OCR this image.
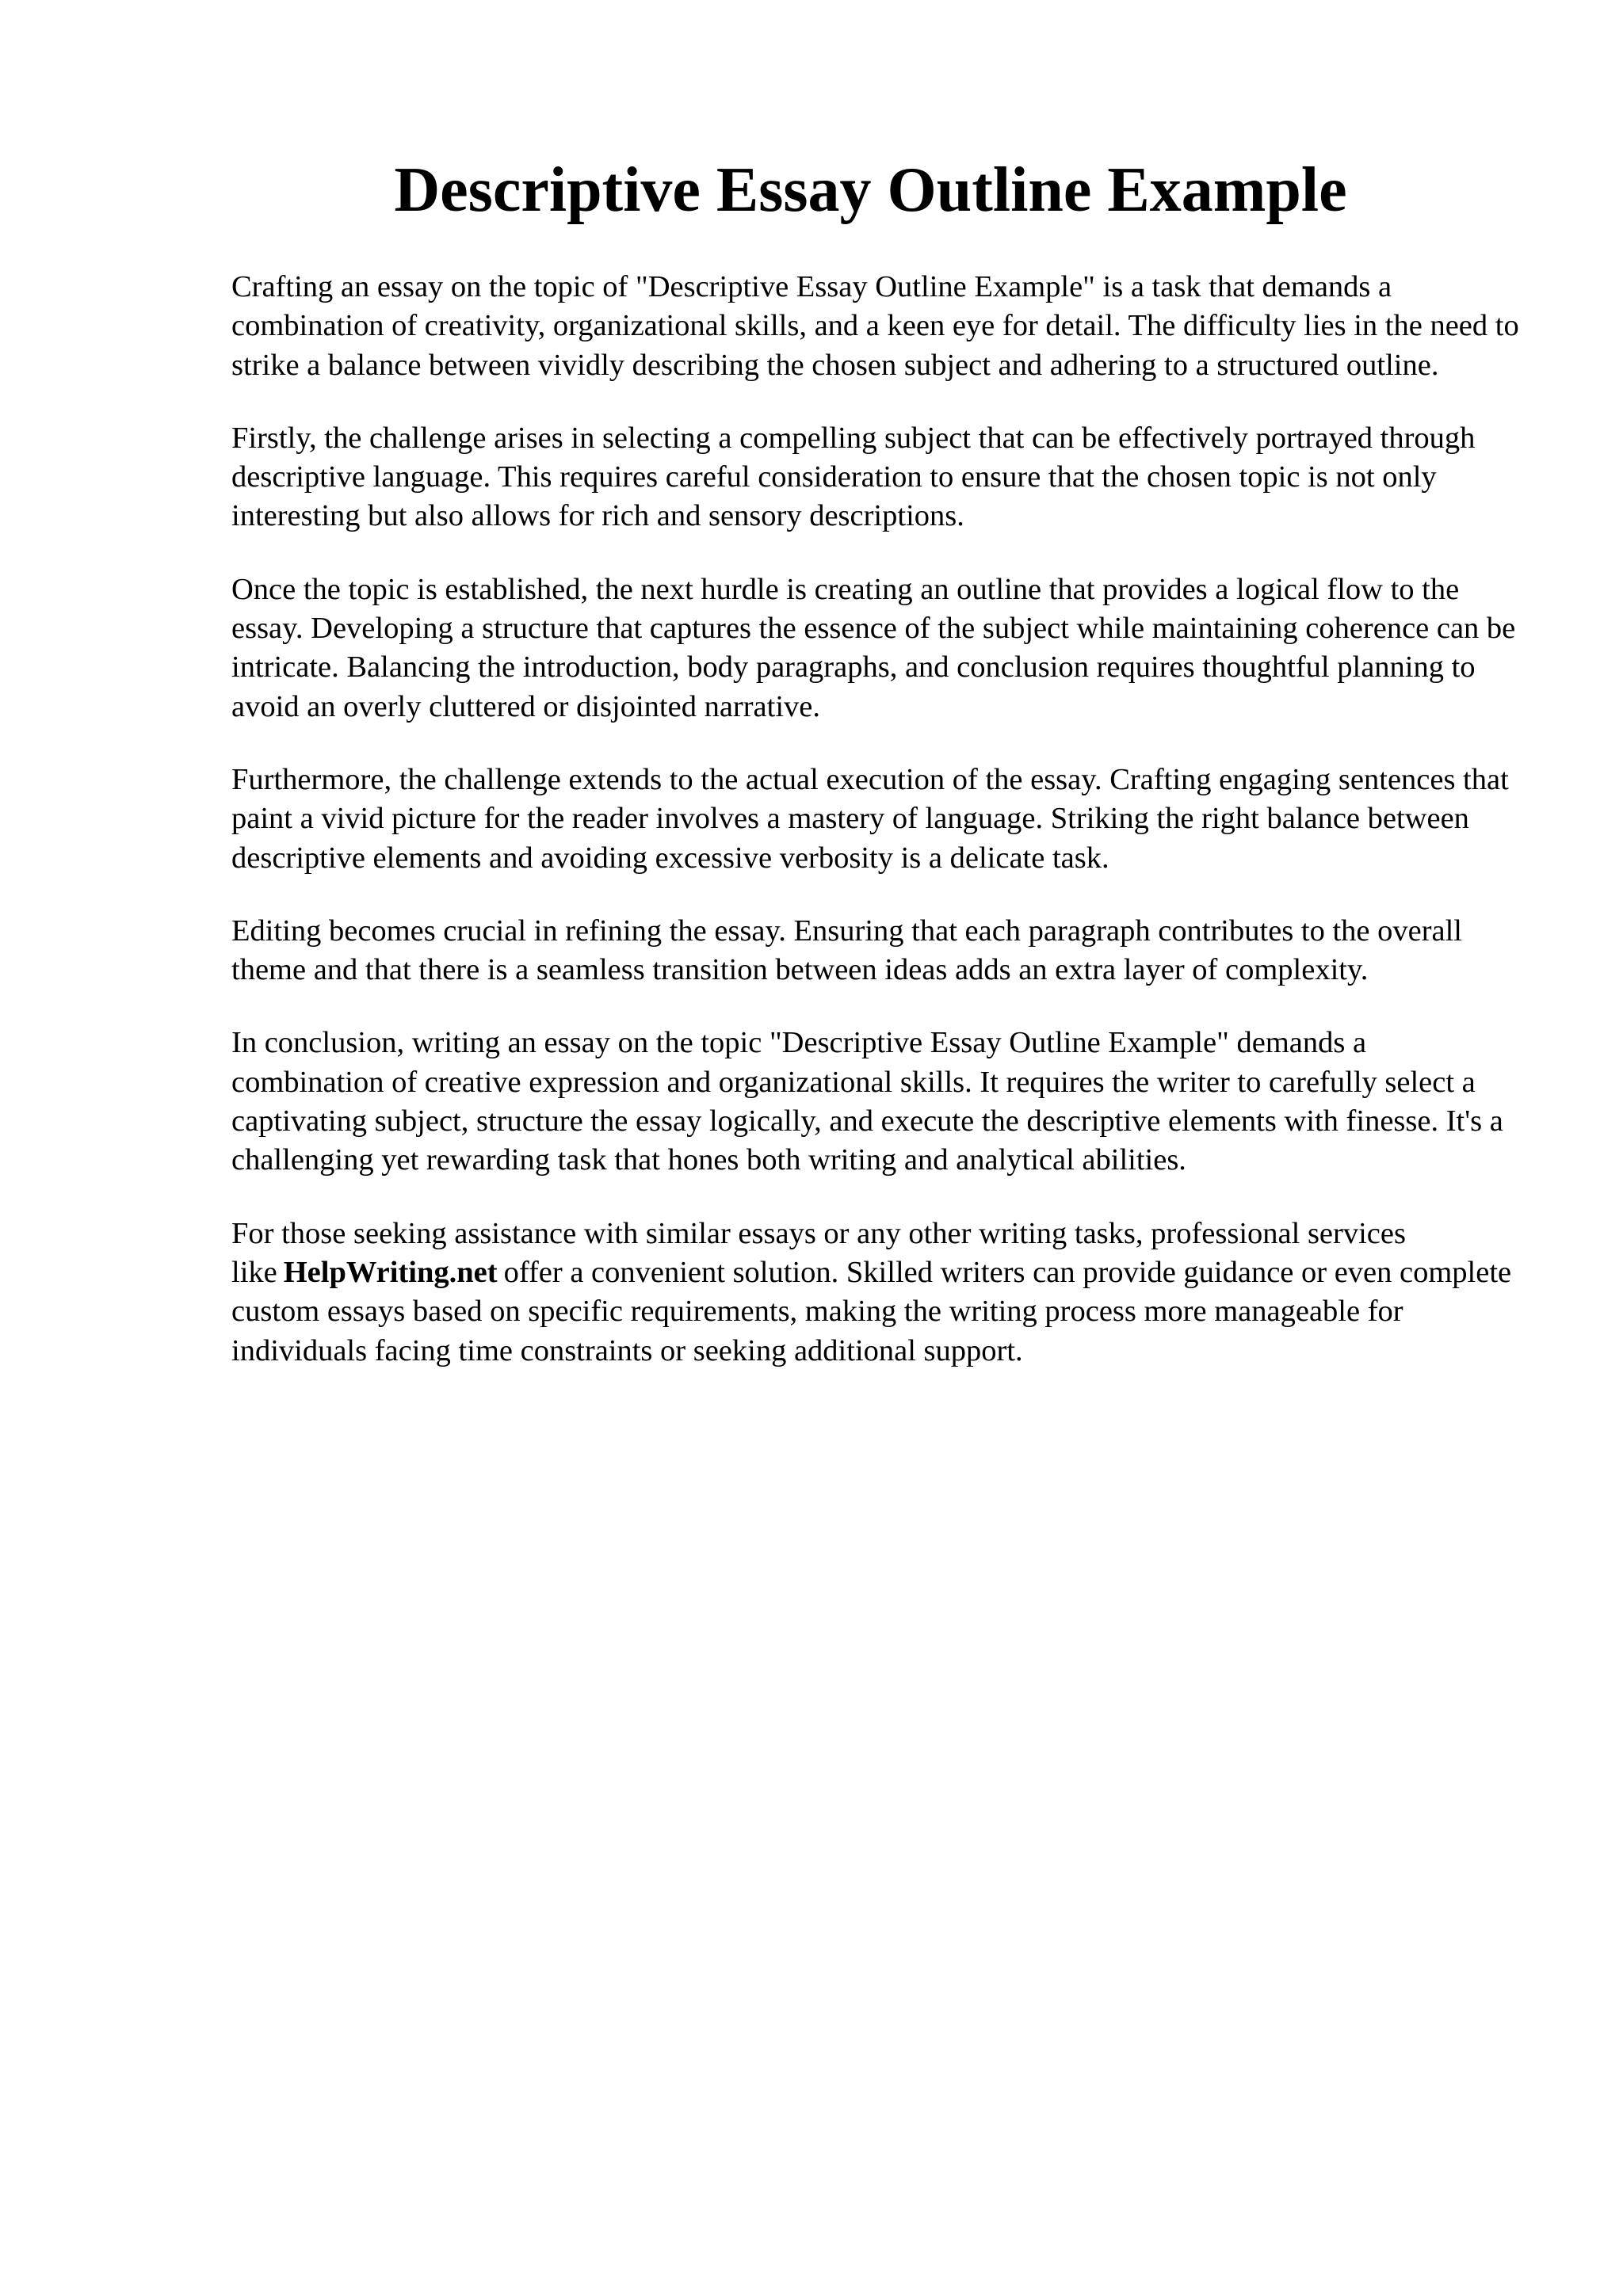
Descriptive Essay Outline Example

Crafting an essay on the topic of "Descriptive Essay Outline Example" is a task that demands a combination of creativity, organizational skills, and a keen eye for detail. The difficulty lies in the need to strike a balance between vividly describing the chosen subject and adhering to a structured outline.

Firstly, the challenge arises in selecting a compelling subject that can be effectively portrayed through descriptive language. This requires careful consideration to ensure that the chosen topic is not only interesting but also allows for rich and sensory descriptions.

Once the topic is established, the next hurdle is creating an outline that provides a logical flow to the essay. Developing a structure that captures the essence of the subject while maintaining coherence can be intricate. Balancing the introduction, body paragraphs, and conclusion requires thoughtful planning to avoid an overly cluttered or disjointed narrative.

Furthermore, the challenge extends to the actual execution of the essay. Crafting engaging sentences that paint a vivid picture for the reader involves a mastery of language. Striking the right balance between descriptive elements and avoiding excessive verbosity is a delicate task.

Editing becomes crucial in refining the essay. Ensuring that each paragraph contributes to the overall theme and that there is a seamless transition between ideas adds an extra layer of complexity.

In conclusion, writing an essay on the topic "Descriptive Essay Outline Example" demands a combination of creative expression and organizational skills. It requires the writer to carefully select a captivating subject, structure the essay logically, and execute the descriptive elements with finesse. It's a challenging yet rewarding task that hones both writing and analytical abilities.

For those seeking assistance with similar essays or any other writing tasks, professional services like HelpWriting.net offer a convenient solution. Skilled writers can provide guidance or even complete custom essays based on specific requirements, making the writing process more manageable for individuals facing time constraints or seeking additional support.
